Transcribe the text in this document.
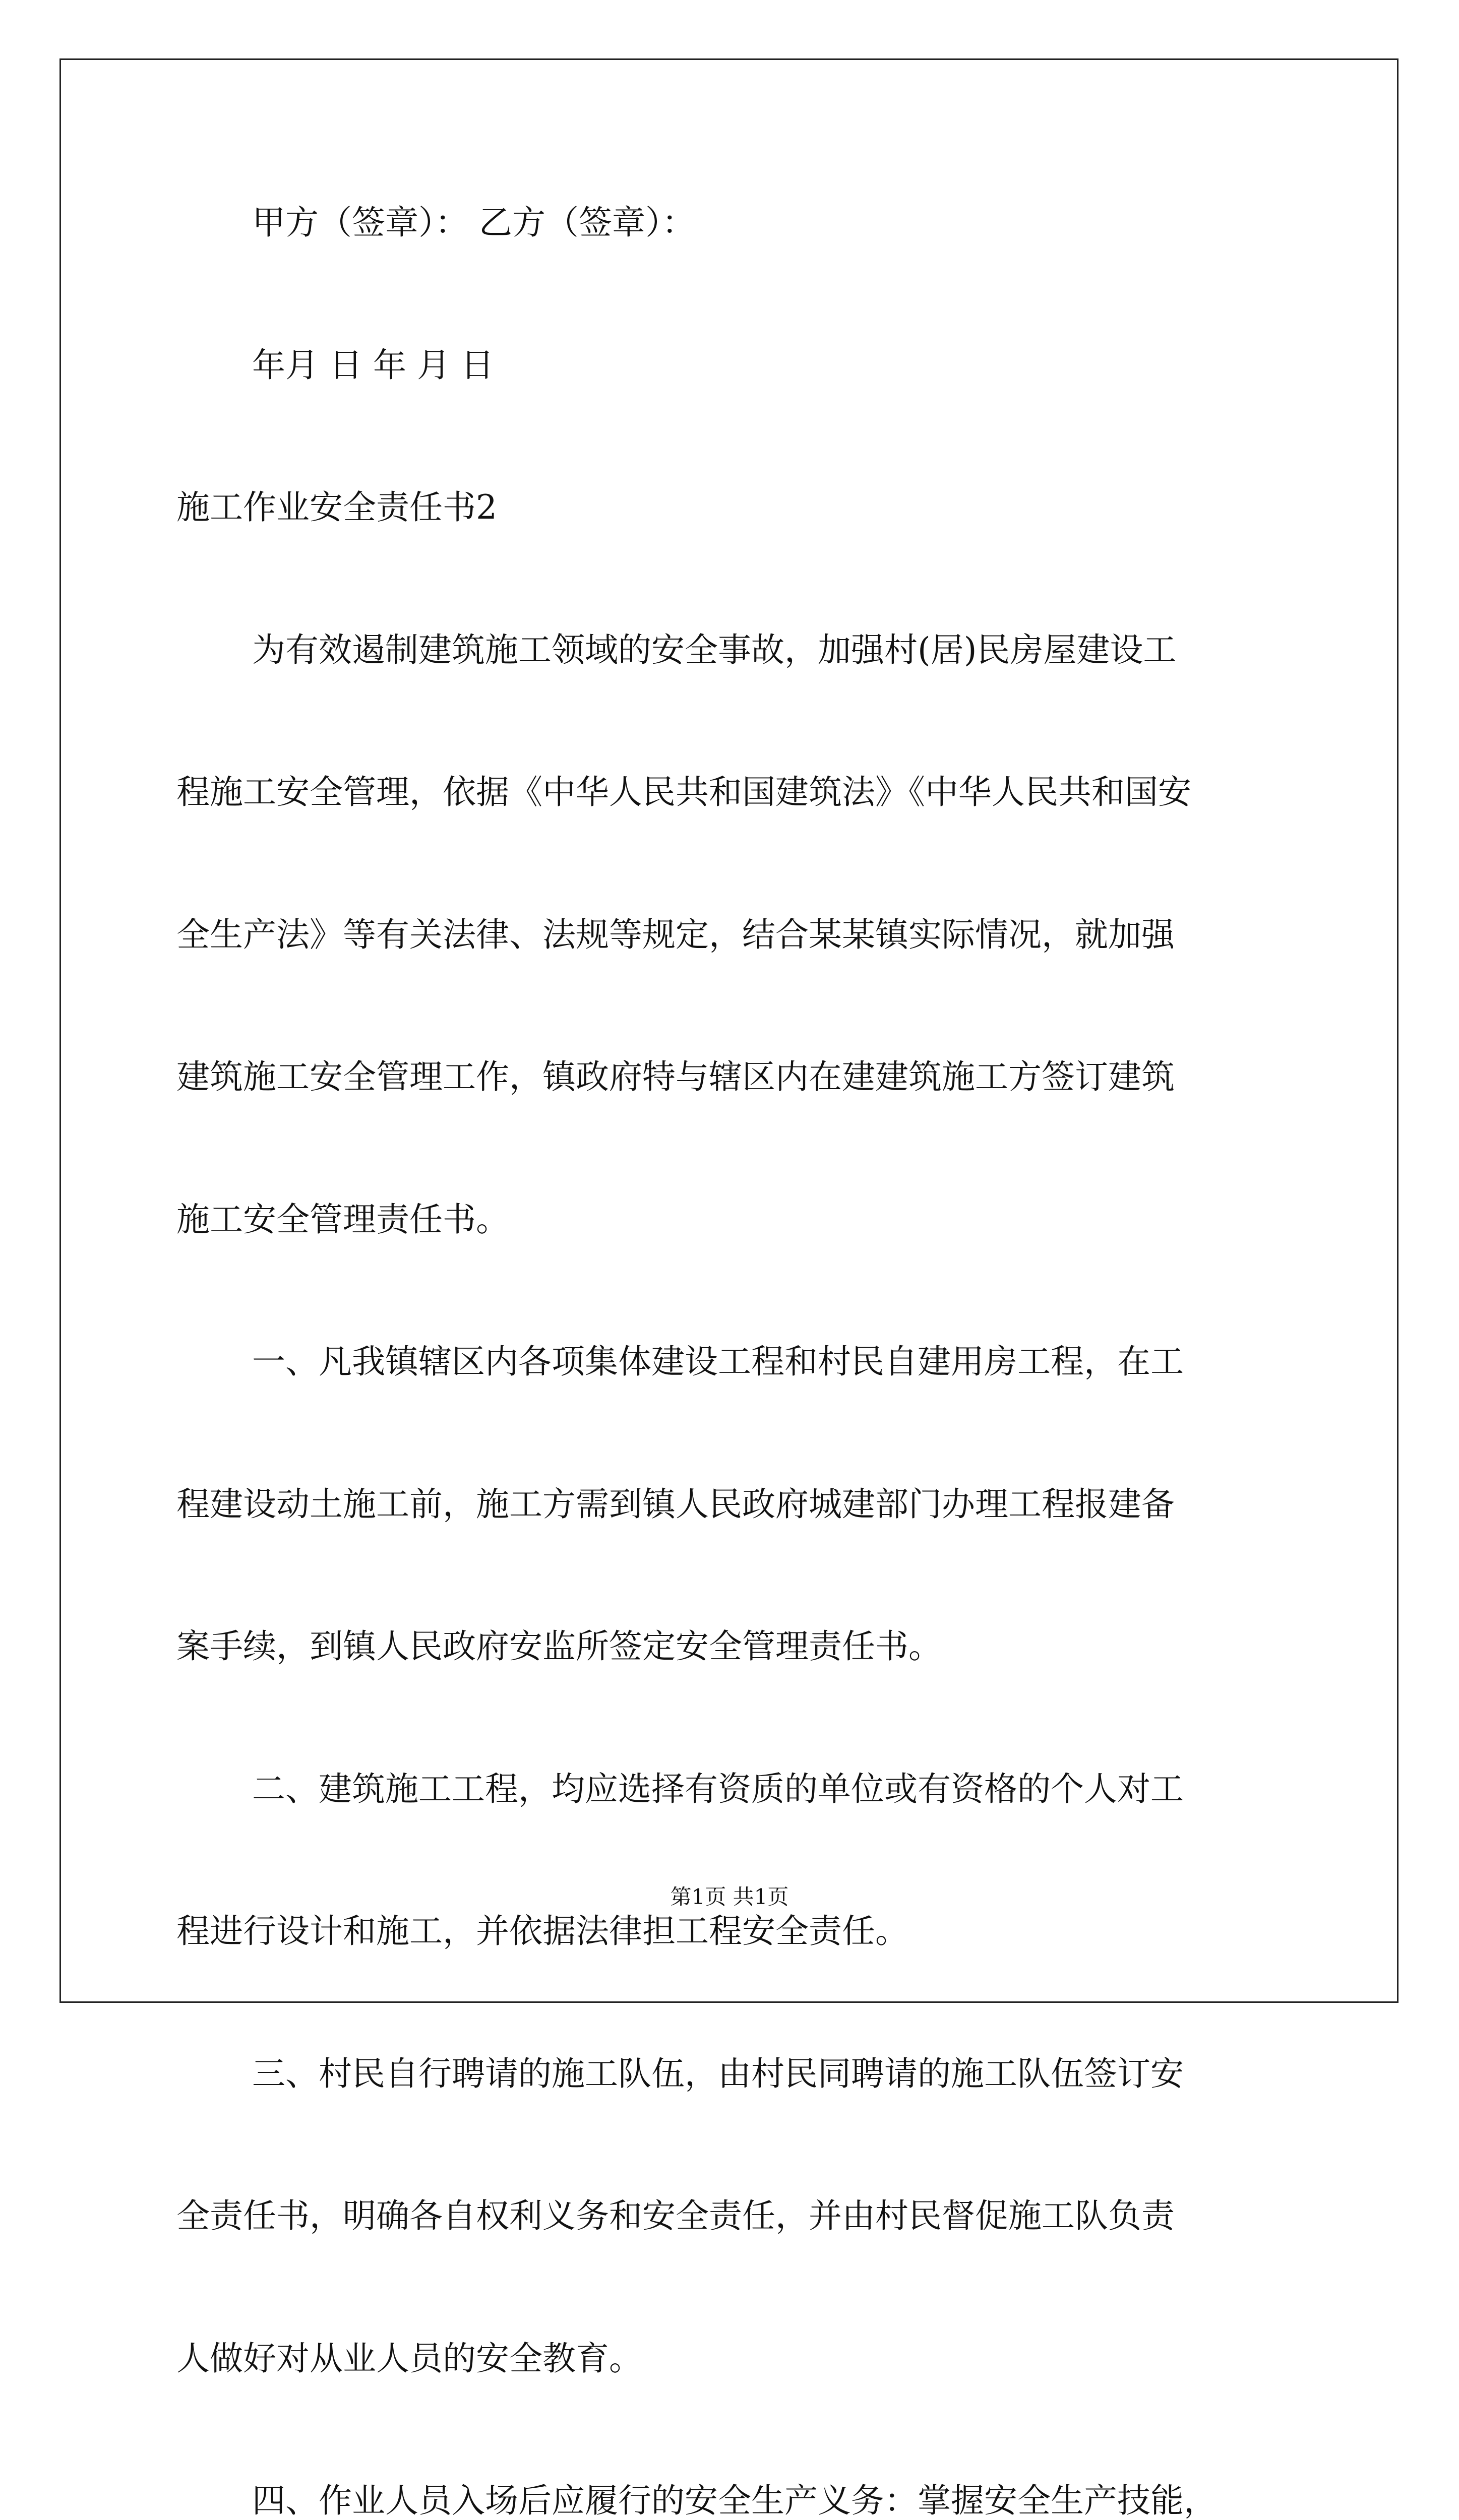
甲方（签章）： 乙方（签章）：

年月 日 年 月 日

施工作业安全责任书2

为有效遏制建筑施工领域的安全事故，加强村(居)民房屋建设工

程施工安全管理，依据《中华人民共和国建筑法》《中华人民共和国安

全生产法》等有关法律、法规等规定，结合某某镇实际情况，就加强

建筑施工安全管理工作，镇政府特与辖区内在建建筑施工方签订建筑

施工安全管理责任书。

一、凡我镇辖区内各项集体建设工程和村民自建用房工程，在工

程建设动土施工前，施工方需到镇人民政府城建部门办理工程报建备

案手续，到镇人民政府安监所签定安全管理责任书。

二、建筑施工工程，均应选择有资质的单位或有资格的个人对工

程进行设计和施工，并依据法律担工程安全责任。

三、村民自行聘请的施工队伍，由村民同聘请的施工队伍签订安

全责任书，明确各自权利义务和安全责任，并由村民督促施工队负责

人做好对从业人员的安全教育。

四、作业人员入场后应履行的安全生产义务：掌握安全生产技能，

第1页 共1页
